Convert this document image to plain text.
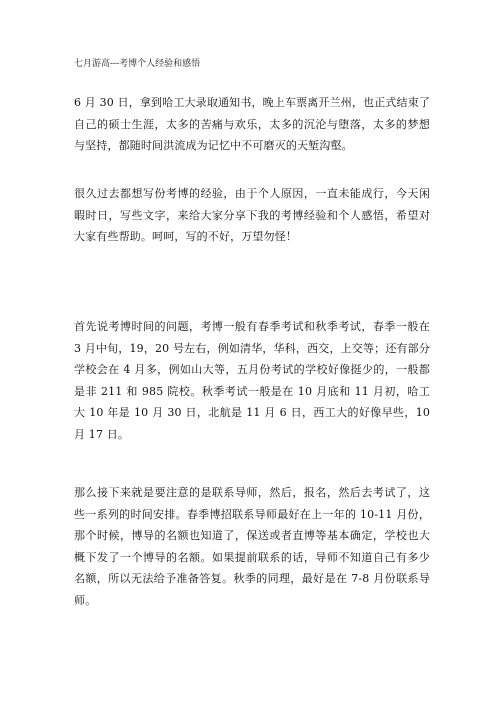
七月游高---考博个人经验和感悟

6 月 30 日，拿到哈工大录取通知书，晚上车票离开兰州，也正式结束了自己的硕士生涯，太多的苦痛与欢乐，太多的沉沦与堕落，太多的梦想与坚持，都随时间洪流成为记忆中不可磨灭的天堑沟壑。

很久过去都想写份考博的经验，由于个人原因，一直未能成行，今天闲暇时日，写些文字，来给大家分享下我的考博经验和个人感悟，希望对大家有些帮助。呵呵，写的不好，万望勿怪！

首先说考博时间的问题，考博一般有春季考试和秋季考试，春季一般在 3 月中旬，19，20 号左右，例如清华，华科，西交，上交等；还有部分学校会在 4 月多，例如山大等，五月份考试的学校好像挺少的，一般都是非 211 和 985 院校。秋季考试一般是在 10 月底和 11 月初，哈工大 10 年是 10 月 30 日，北航是 11 月 6 日，西工大的好像早些，10 月 17 日。

那么接下来就是要注意的是联系导师，然后，报名，然后去考试了，这些一系列的时间安排。春季博招联系导师最好在上一年的 10-11 月份，那个时候，博导的名额也知道了，保送或者直博等基本确定，学校也大概下发了一个博导的名额。如果提前联系的话，导师不知道自己有多少名额，所以无法给予准备答复。秋季的同理，最好是在 7-8 月份联系导师。
